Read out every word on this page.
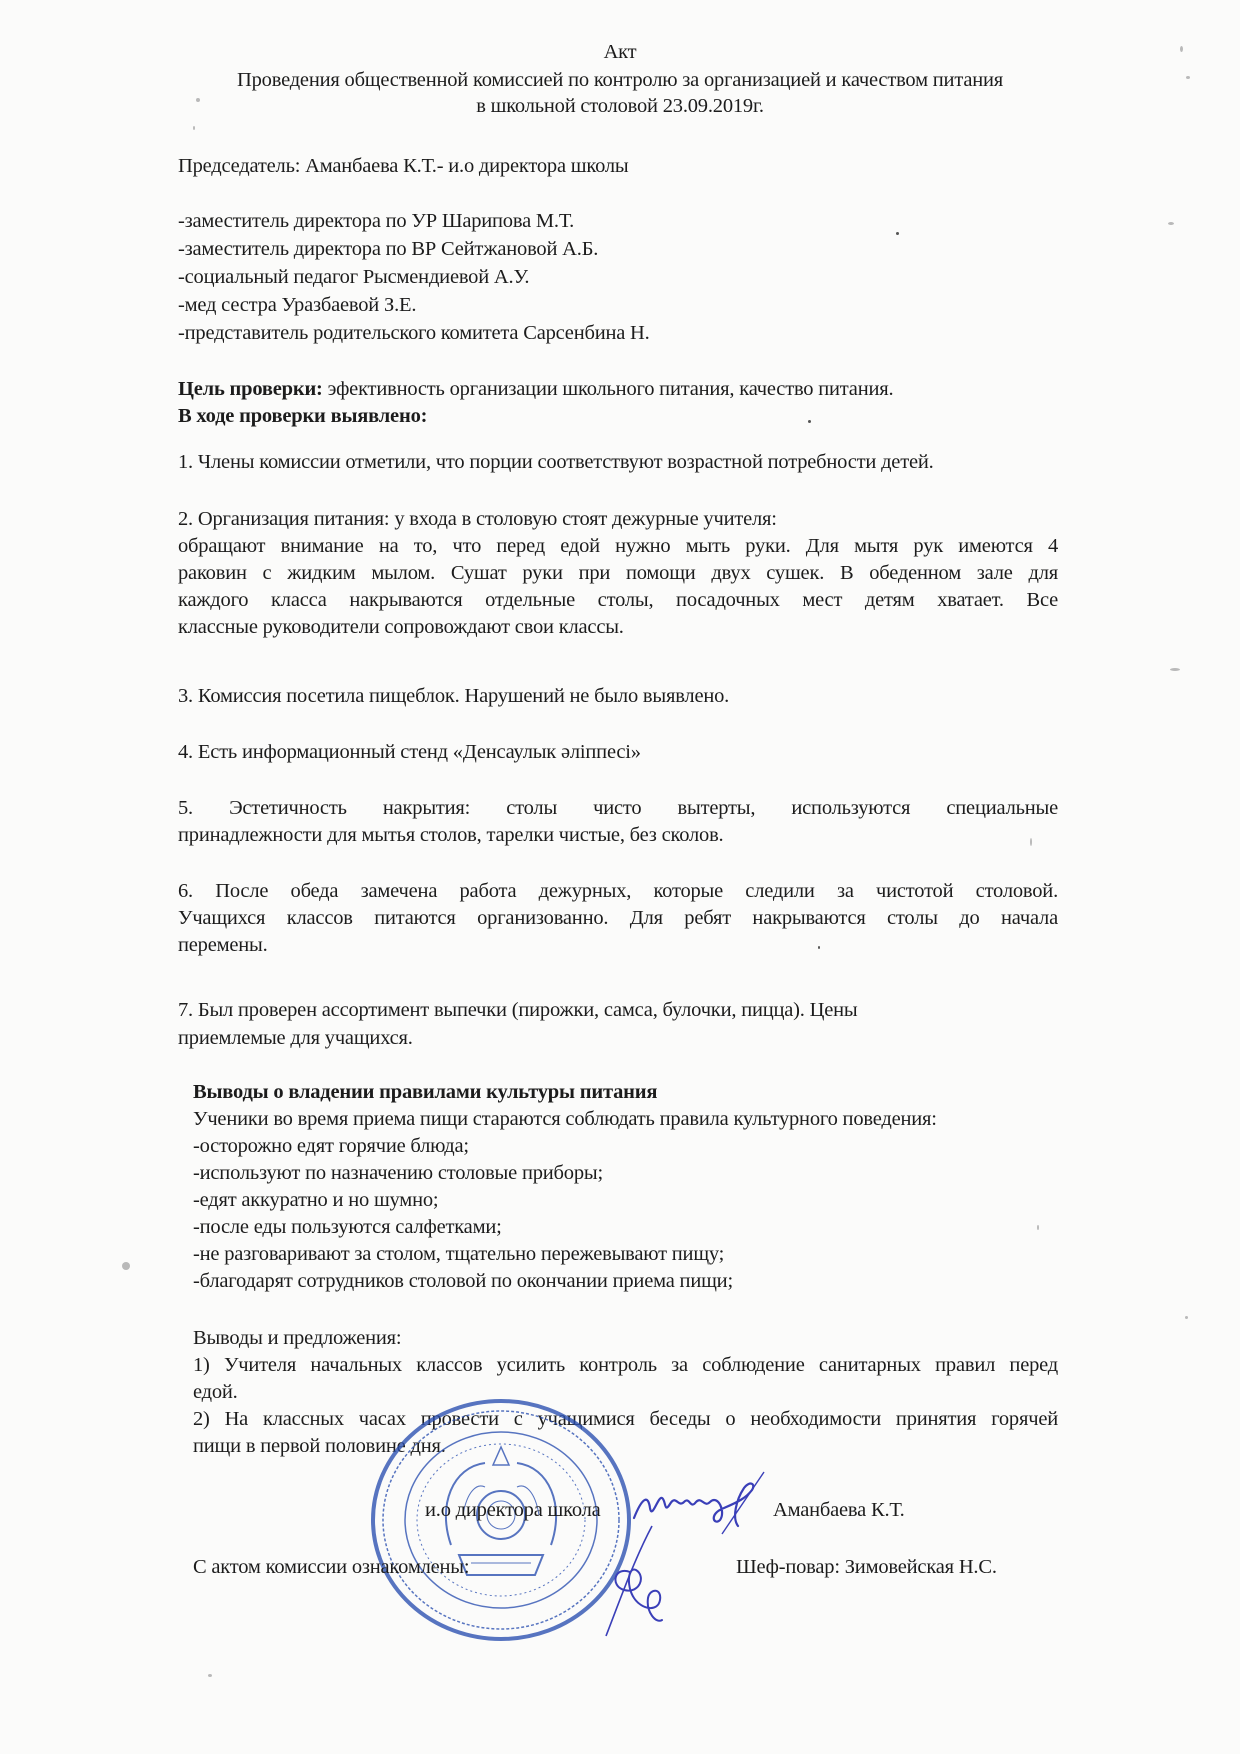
Акт
Проведения общественной комиссией по контролю за организацией и качеством питания
в школьной столовой 23.09.2019г.
Председатель: Аманбаева К.Т.- и.о директора школы
-заместитель директора по УР Шарипова М.Т.
-заместитель директора по ВР Сейтжановой А.Б.
-социальный педагог Рысмендиевой А.У.
-мед сестра Уразбаевой З.Е.
-представитель родительского комитета Сарсенбина Н.
Цель проверки: эфективность организации школьного питания, качество питания.
В ходе проверки выявлено:
1. Члены комиссии отметили, что порции соответствуют возрастной потребности детей.
2. Организация питания: у входа в столовую стоят дежурные учителя:
обращают внимание на то, что перед едой нужно мыть руки. Для мытя рук имеются 4
раковин с жидким мылом. Сушат руки при помощи двух сушек. В обеденном зале для
каждого класса накрываются отдельные столы, посадочных мест детям хватает. Все
классные руководители сопровождают свои классы.
3. Комиссия посетила пищеблок. Нарушений не было выявлено.
4. Есть информационный стенд «Денсаулык әліппесі»
5. Эстетичность накрытия: столы чисто вытерты, используются специальные
принадлежности для мытья столов, тарелки чистые, без сколов.
6. После обеда замечена работа дежурных, которые следили за чистотой столовой.
Учащихся классов питаются организованно. Для ребят накрываются столы до начала
перемены.
7. Был проверен ассортимент выпечки (пирожки, самса, булочки, пицца). Цены
приемлемые для учащихся.
Выводы о владении правилами культуры питания
Ученики во время приема пищи стараются соблюдать правила культурного поведения:
-осторожно едят горячие блюда;
-используют по назначению столовые приборы;
-едят аккуратно и но шумно;
-после еды пользуются салфетками;
-не разговаривают за столом, тщательно пережевывают пищу;
-благодарят сотрудников столовой по окончании приема пищи;
Выводы и предложения:
1) Учителя начальных классов усилить контроль за соблюдение санитарных правил перед
едой.
2) На классных часах провести с учащимися беседы о необходимости принятия горячей
пищи в первой половине дня.
и.о директора школа	Аманбаева К.Т.
С актом комиссии ознакомлены:	Шеф-повар: Зимовейская Н.С.
